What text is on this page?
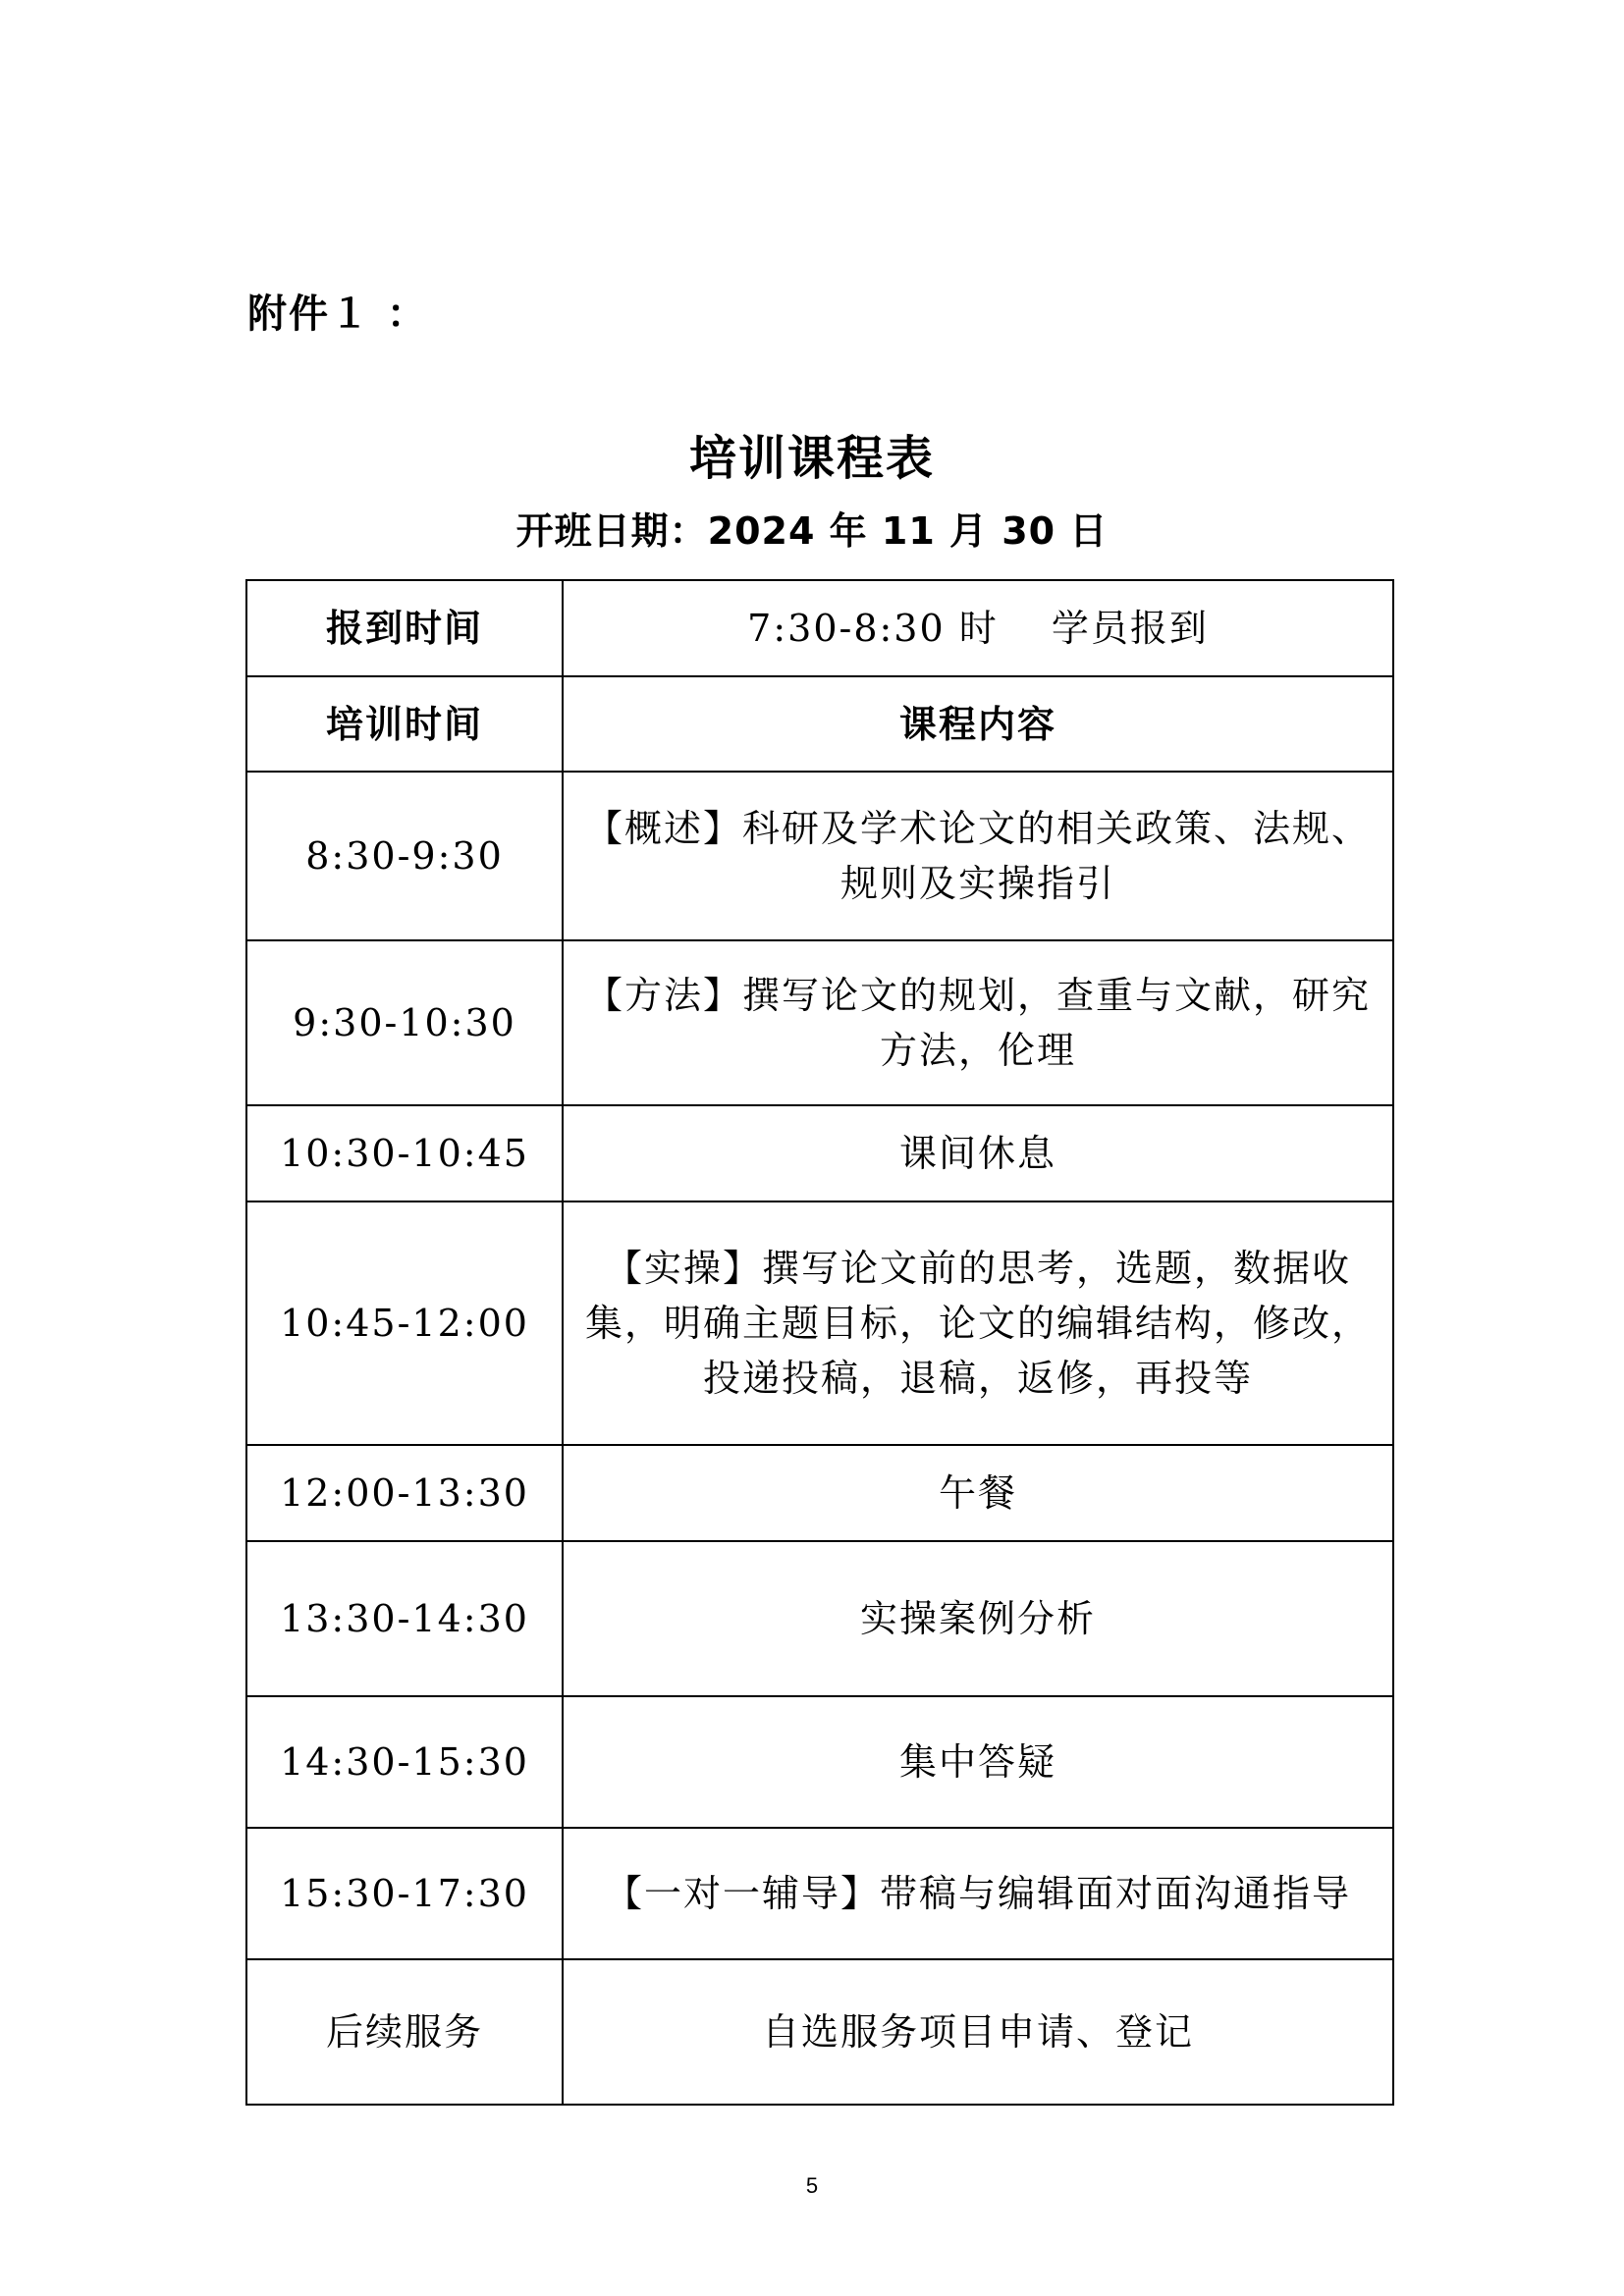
附件１ ：
培训课程表
开班日期：2024 年 11 月 30 日
报到时间	7:30-8:30 时　 学员报到
培训时间	课程内容
8:30-9:30	【概述】科研及学术论文的相关政策、法规、规则及实操指引
9:30-10:30	【方法】撰写论文的规划，查重与文献，研究方法，伦理
10:30-10:45	课间休息
10:45-12:00	【实操】撰写论文前的思考，选题，数据收集，明确主题目标，论文的编辑结构，修改，投递投稿，退稿，返修，再投等
12:00-13:30	午餐
13:30-14:30	实操案例分析
14:30-15:30	集中答疑
15:30-17:30	【一对一辅导】带稿与编辑面对面沟通指导
后续服务	自选服务项目申请、登记
5
